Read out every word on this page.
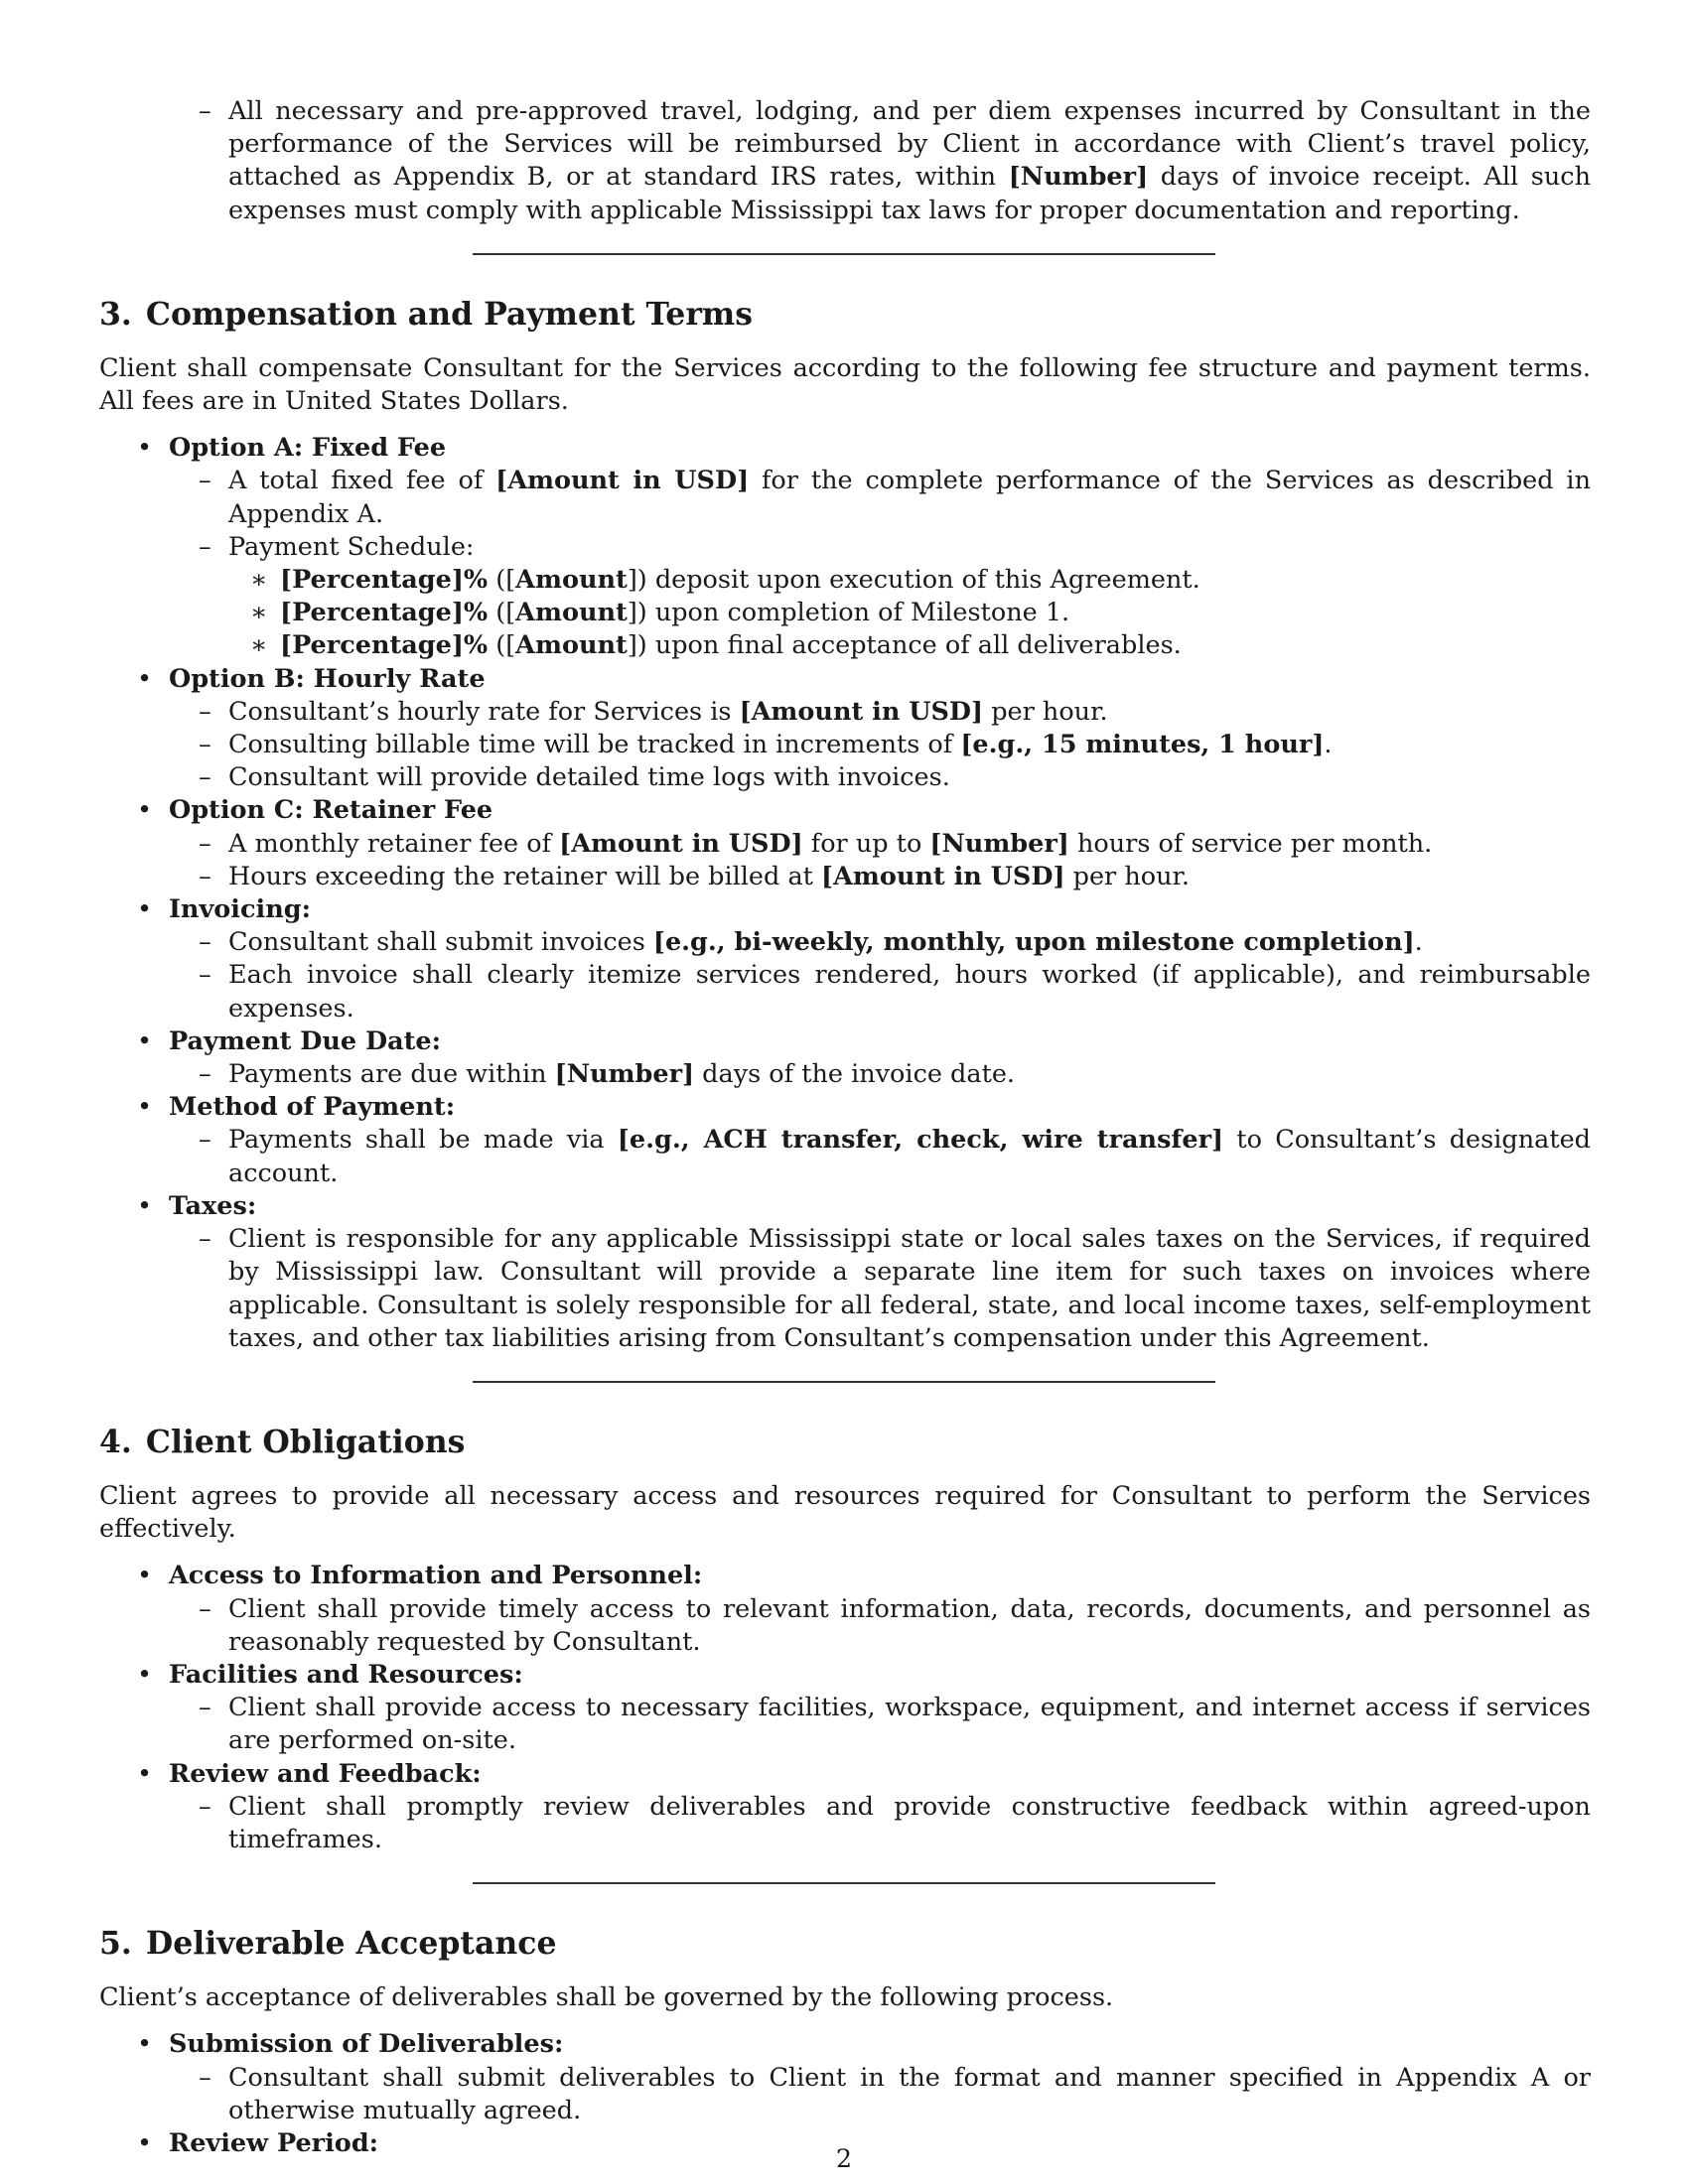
– All necessary and pre-approved travel, lodging, and per diem expenses incurred by Consultant in the performance of the Services will be reimbursed by Client in accordance with Client’s travel policy, attached as Appendix B, or at standard IRS rates, within [Number] days of invoice receipt. All such expenses must comply with applicable Mississippi tax laws for proper documentation and reporting.
3. Compensation and Payment Terms

Client shall compensate Consultant for the Services according to the following fee structure and payment terms. All fees are in United States Dollars.

• Option A: Fixed Fee
– A total fixed fee of [Amount in USD] for the complete performance of the Services as described in Appendix A.
– Payment Schedule:
∗ [Percentage]% ([Amount]) deposit upon execution of this Agreement.
∗ [Percentage]% ([Amount]) upon completion of Milestone 1.
∗ [Percentage]% ([Amount]) upon final acceptance of all deliverables.
• Option B: Hourly Rate
– Consultant’s hourly rate for Services is [Amount in USD] per hour.
– Consulting billable time will be tracked in increments of [e.g., 15 minutes, 1 hour].
– Consultant will provide detailed time logs with invoices.
• Option C: Retainer Fee
– A monthly retainer fee of [Amount in USD] for up to [Number] hours of service per month.
– Hours exceeding the retainer will be billed at [Amount in USD] per hour.
• Invoicing:
– Consultant shall submit invoices [e.g., bi-weekly, monthly, upon milestone completion].
– Each invoice shall clearly itemize services rendered, hours worked (if applicable), and reimbursable expenses.
• Payment Due Date:
– Payments are due within [Number] days of the invoice date.
• Method of Payment:
– Payments shall be made via [e.g., ACH transfer, check, wire transfer] to Consultant’s designated account.
• Taxes:
– Client is responsible for any applicable Mississippi state or local sales taxes on the Services, if required by Mississippi law. Consultant will provide a separate line item for such taxes on invoices where applicable. Consultant is solely responsible for all federal, state, and local income taxes, self-employment taxes, and other tax liabilities arising from Consultant’s compensation under this Agreement.
4. Client Obligations

Client agrees to provide all necessary access and resources required for Consultant to perform the Services effectively.

• Access to Information and Personnel:
– Client shall provide timely access to relevant information, data, records, documents, and personnel as reasonably requested by Consultant.
• Facilities and Resources:
– Client shall provide access to necessary facilities, workspace, equipment, and internet access if services are performed on-site.
• Review and Feedback:
– Client shall promptly review deliverables and provide constructive feedback within agreed-upon timeframes.
5. Deliverable Acceptance

Client’s acceptance of deliverables shall be governed by the following process.

• Submission of Deliverables:
– Consultant shall submit deliverables to Client in the format and manner specified in Appendix A or otherwise mutually agreed.
• Review Period:
2
